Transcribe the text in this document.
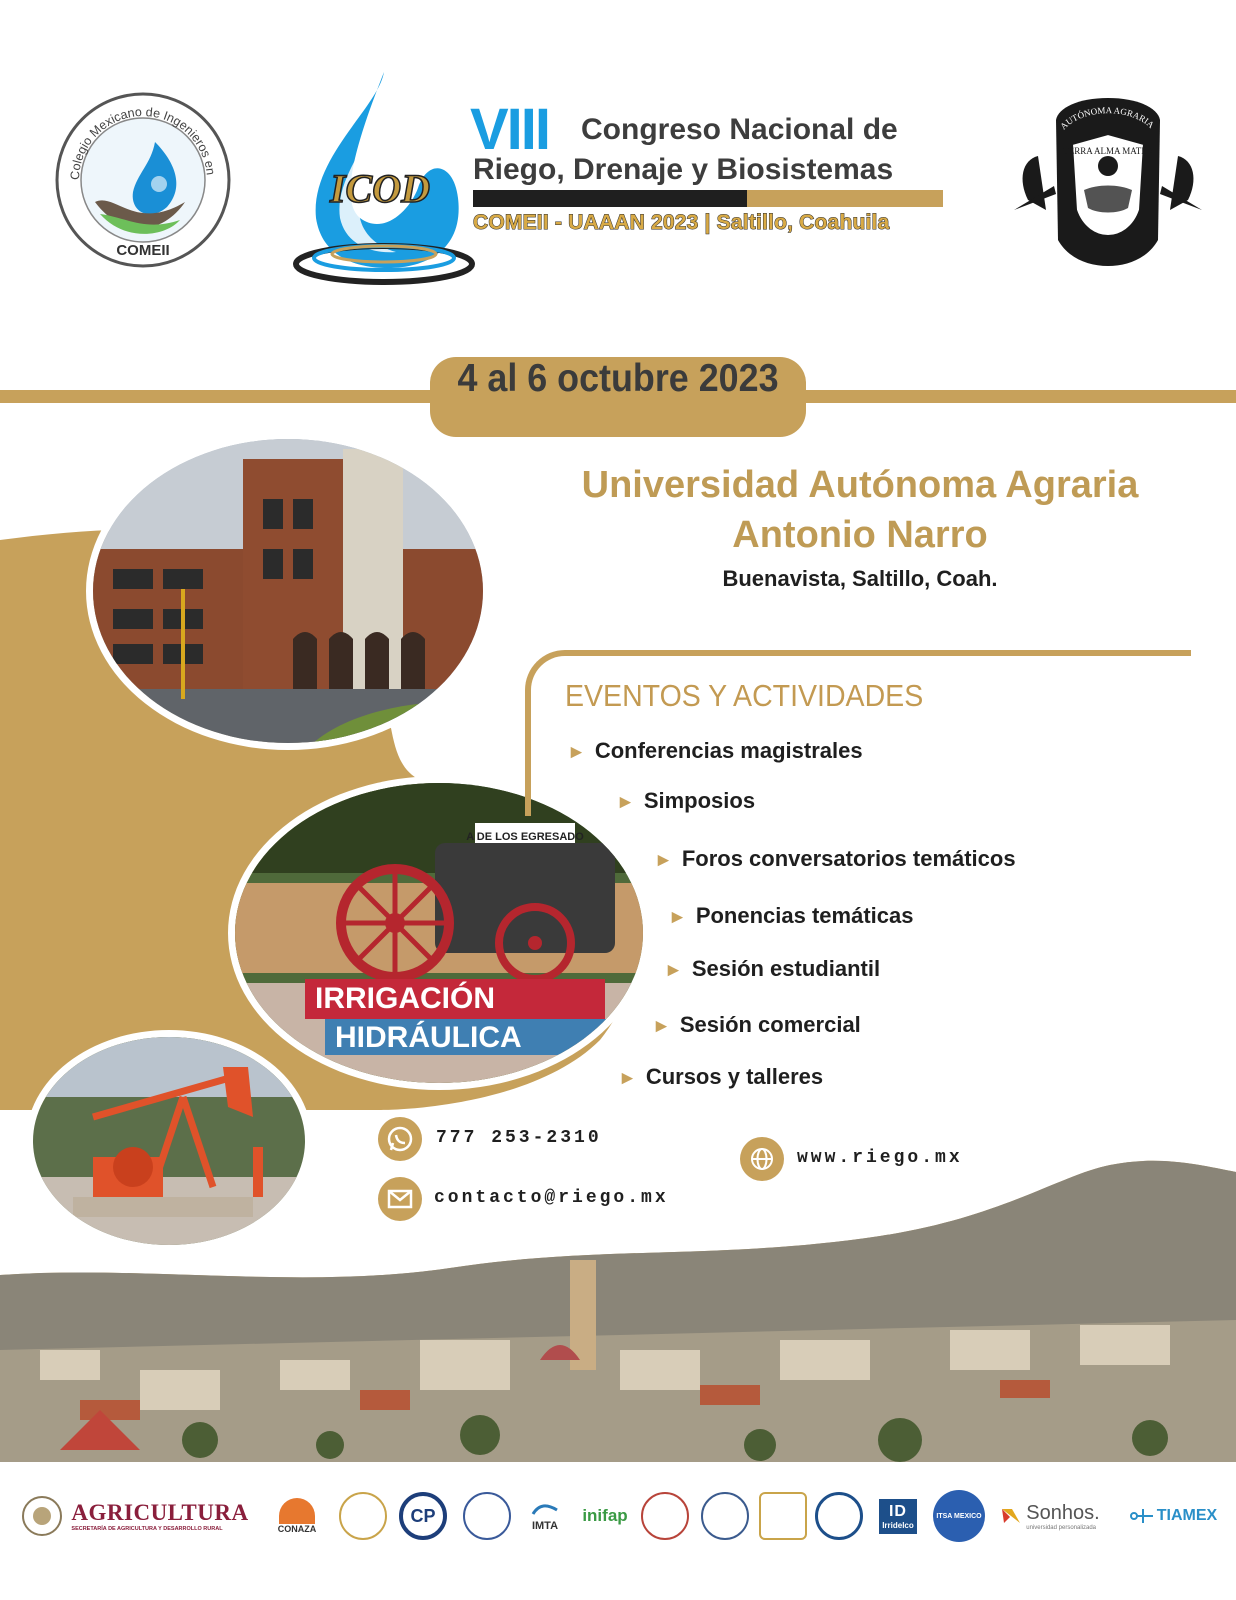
Colegio Mexicano de Ingenieros en
COMEII
ICOD
VIII Congreso Nacional de
Riego, Drenaje y Biosistemas
COMEII - UAAAN 2023 | Saltillo, Coahuila
AUTÓNOMA AGRARIA
TERRA ALMA MATER
4 al 6 octubre 2023
Universidad Autónoma Agraria
Antonio Narro
Buenavista, Saltillo, Coah.
A DE LOS EGRESADO
IRRIGACIÓN
HIDRÁULICA
EVENTOS Y ACTIVIDADES
► Conferencias magistrales
► Simposios
► Foros conversatorios temáticos
► Ponencias temáticas
► Sesión estudiantil
► Sesión comercial
► Cursos y talleres
777 253-2310
contacto@riego.mx
www.riego.mx
AGRICULTURA
SECRETARÍA DE AGRICULTURA Y DESARROLLO RURAL	CONAZA
CP
IMTA
inifap	ID
Irridelco
ITSA MEXICO Sonhos.
universidad personalizada
TIAMEX
